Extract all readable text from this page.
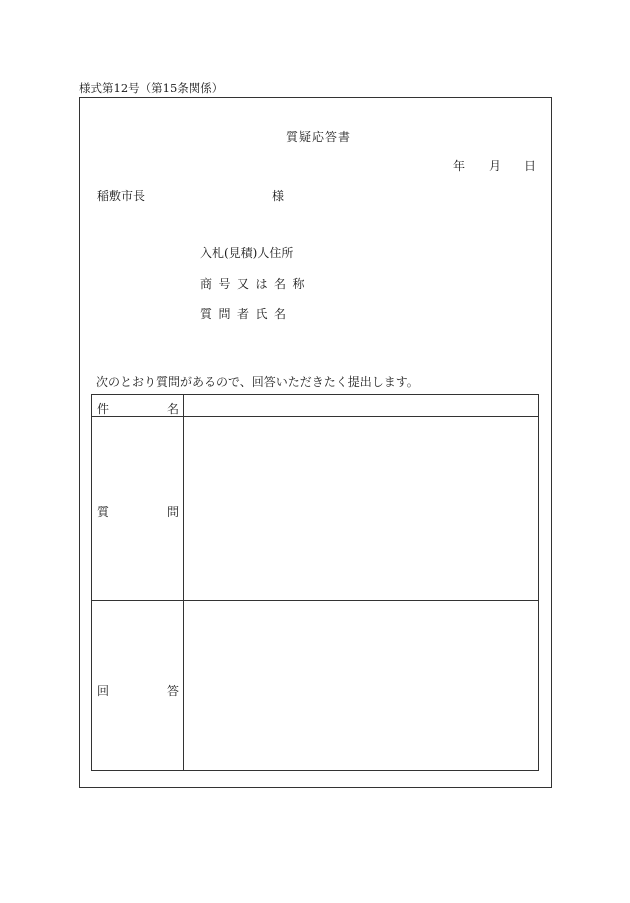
様式第12号（第15条関係）
質疑応答書
年 月 日
稲敷市長	様
入札(見積)人住所
商号又は名称
質問者氏名
次のとおり質問があるので、回答いただきたく提出します。
件	名
質	問
回	答
